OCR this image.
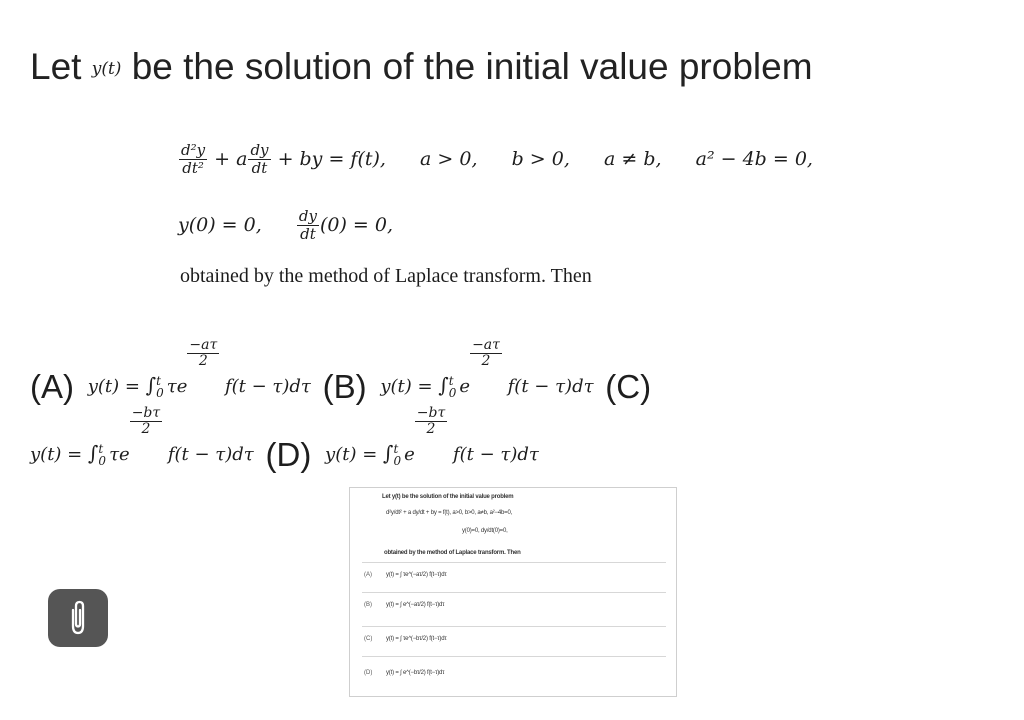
Let y(t) be the solution of the initial value problem
$\frac{\text{d²y}}{\text{dt²}} + a \frac{dy}{dt}$ + by = f(t), a > 0, b > 0, a ≠ b, a² − 4b = 0,
y(0) = 0, $\frac{dy}{dt} (0) = 0$,
obtained by the method of Laplace transform. Then
(A) y(t) = ∫ t
0 τe
$\frac{-a\tau}{2}$
f(t − τ)dτ (B) y(t) = ∫ t
0 e
$\frac{-a\tau}{2}$
f(t − τ)dτ (C)
y(t) = ∫ t
0 τe
$\frac{-b\tau}{2}$
f(t − τ)dτ (D) y(t) = ∫ t
0 e
$\frac{-b\tau}{2}$
f(t − τ)dτ
Let y(t) be the solution of the initial value problem
d²y/dt² + a dy/dt + by = f(t), a>0, b>0, a≠b, a²−4b=0,
y(0)=0, dy/dt(0)=0,
obtained by the method of Laplace transform. Then
(A) y(t) = ∫ τe^(−aτ/2) f(t−τ)dτ
(B) y(t) = ∫ e^(−aτ/2) f(t−τ)dτ
(C) y(t) = ∫ τe^(−bτ/2) f(t−τ)dτ
(D) y(t) = ∫ e^(−bτ/2) f(t−τ)dτ
